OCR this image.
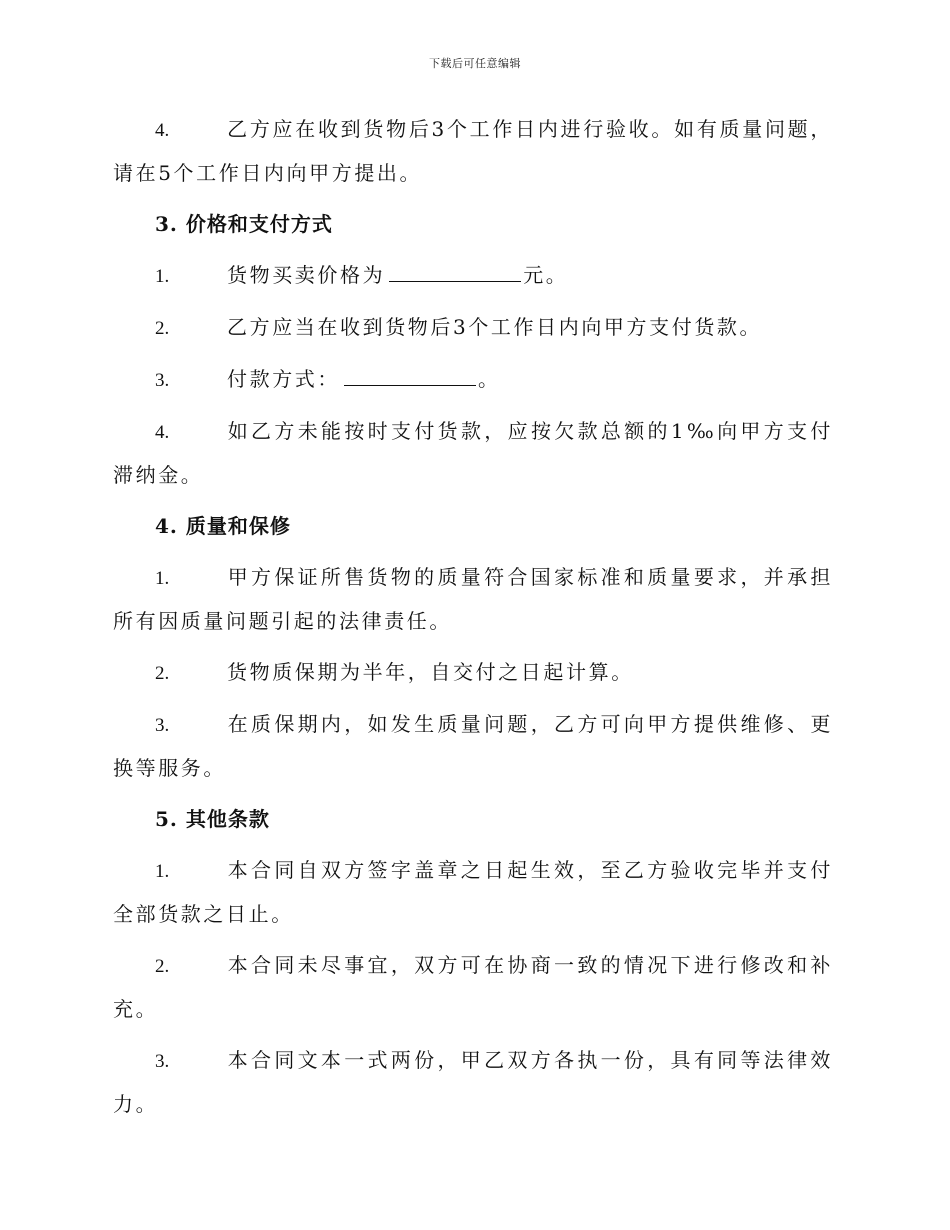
下载后可任意编辑

4.	乙方应在收到货物后3个工作日内进行验收。如有质量问题，请在5个工作日内向甲方提出。

3. 价格和支付方式

1.	货物买卖价格为	元。

2.	乙方应当在收到货物后3个工作日内向甲方支付货款。

3.	付款方式：	。

4.	如乙方未能按时支付货款，应按欠款总额的1‰向甲方支付滞纳金。

4. 质量和保修

1.	甲方保证所售货物的质量符合国家标准和质量要求，并承担所有因质量问题引起的法律责任。

2.	货物质保期为半年，自交付之日起计算。

3.	在质保期内，如发生质量问题，乙方可向甲方提供维修、更换等服务。

5. 其他条款

1.	本合同自双方签字盖章之日起生效，至乙方验收完毕并支付全部货款之日止。

2.	本合同未尽事宜，双方可在协商一致的情况下进行修改和补充。

3.	本合同文本一式两份，甲乙双方各执一份，具有同等法律效力。
